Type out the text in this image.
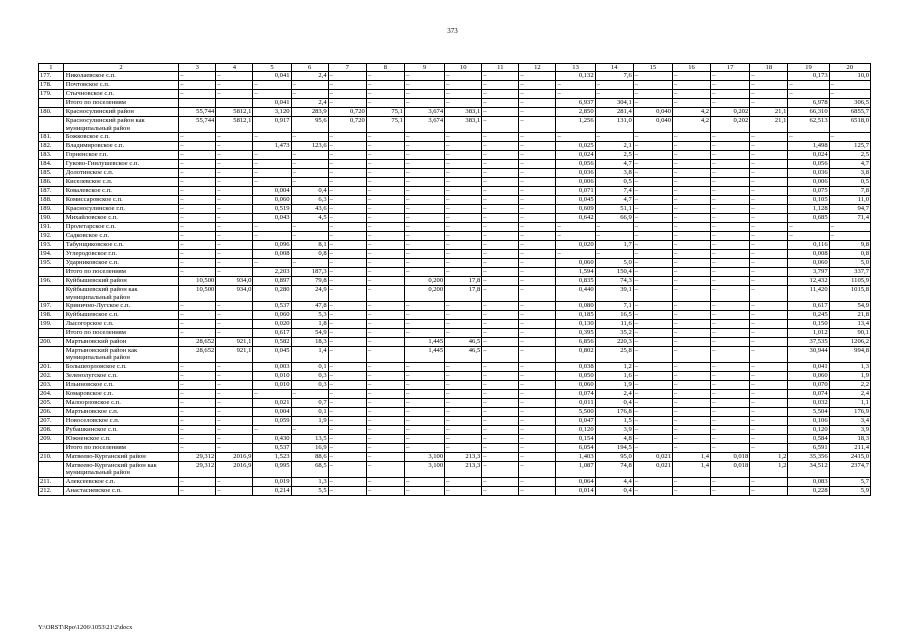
373
1	2	3	4	5	6	7	8	9	10	11	12	13	14	15	16	17	18	19	20
177.	Николаевское с.п.	–	–	0,041	2,4	–	–	–	–	–	–	0,132	7,6	–	–	–	–	0,173	10,0
178.	Почтовское с.п.	–	–	–	–	–	–	–	–	–	–	–	–	–	–	–	–	–	–
179.	Стычновское с.п.	–	–	–	–	–	–	–	–	–	–	–	–	–	–	–	–	–	–
	Итого по поселениям			0,041	2,4	–	–	–	–	–	–	6,937	304,1	–	–	–	–	6,978	306,5
180.	Красносулинский район	55,744	5812,1	3,120	283,9	0,720	75,1	3,674	383,1	–	–	2,850	281,4	0,040	4,2	0,202	21,1	66,310	6855,7
	Красносулинский район как муниципальный район	55,744	5812,1	0,917	95,6	0,720	75,1	3,674	383,1	–	–	1,256	131,0	0,040	4,2	0,202	21,1	62,513	6518,0
181.	Божковское с.п.	–	–	–	–	–	–	–	–	–	–	–	–	–	–	–	–	–	–
182.	Владимировское с.п.	–	–	1,473	123,6	–	–	–	–	–	–	0,025	2,1	–	–	–	–	1,498	125,7
183.	Горненское г.п.	–	–	–	–	–	–	–	–	–	–	0,024	2,5	–	–	–	–	0,024	2,5
184.	Гуково-Гнилушевское с.п.	–	–	–	–	–	–	–	–	–	–	0,056	4,7	–	–	–	–	0,056	4,7
185.	Долотинское с.п.	–	–	–	–	–	–	–	–	–	–	0,036	3,8	–	–	–	–	0,036	3,8
186.	Киселевское с.п.	–	–	–	–	–	–	–	–	–	–	0,006	0,5	–	–	–	–	0,006	0,5
187.	Ковалевское с.п.	–	–	0,004	0,4	–	–	–	–	–	–	0,071	7,4	–	–	–	–	0,075	7,8
188.	Комиссаровское с.п.	–	–	0,060	6,3	–	–	–	–	–	–	0,045	4,7	–	–	–	–	0,105	11,0
189.	Красносулинское г.п.	–	–	0,519	43,6	–	–	–	–	–	–	0,609	51,1	–	–	–	–	1,128	94,7
190.	Михайловское с.п.	–	–	0,043	4,5	–	–	–	–	–	–	0,642	66,9	–	–	–	–	0,685	71,4
191.	Пролетарское с.п.	–	–	–	–	–	–	–	–	–	–	–	–	–	–	–	–	–	–
192.	Садковское с.п.	–	–	–	–	–	–	–	–	–	–	–	–	–	–	–	–	–	–
193.	Табунщиковское с.п.	–	–	0,096	8,1	–	–	–	–	–	–	0,020	1,7	–	–	–	–	0,116	9,8
194.	Углеродовское г.п.	–	–	0,008	0,8	–	–	–	–	–	–	–	–	–	–	–	–	0,008	0,8
195.	Ударниковское с.п.	–	–	–	–	–	–	–	–	–	–	0,060	5,0	–	–	–	–	0,060	5,0
	Итого по поселениям	–	–	2,203	187,3	–	–	–	–	–	–	1,594	150,4	–	–	–	–	3,797	337,7
196.	Куйбышевский район	10,500	934,0	0,897	79,8	–	–	0,200	17,8	–	–	0,835	74,3	–	–	–	–	12,432	1105,9
	Куйбышевский район как муниципальный район	10,500	934,0	0,280	24,9	–	–	0,200	17,8	–	–	0,440	39,1	–	–	–	–	11,420	1015,8
197.	Кринично-Лугское с.п.	–	–	0,537	47,8	–	–	–	–	–	–	0,080	7,1	–	–	–	–	0,617	54,9
198.	Куйбышевское с.п.	–	–	0,060	5,3	–	–	–	–	–	–	0,185	16,5	–	–	–	–	0,245	21,8
199.	Лысогорское с.п.	–	–	0,020	1,8	–	–	–	–	–	–	0,130	11,6	–	–	–	–	0,150	13,4
	Итого по поселениям	–	–	0,617	54,9	–	–	–	–	–	–	0,395	35,2	–	–	–	–	1,012	90,1
200.	Мартыновский район	28,652	921,1	0,582	18,3	–	–	1,445	46,5	–	–	6,856	220,3	–	–	–	–	37,535	1206,2
	Мартыновский район как муниципальный район	28,652	921,1	0,045	1,4	–	–	1,445	46,5	–	–	0,802	25,8	–	–	–	–	30,944	994,8
201.	Большеорловское с.п.	–	–	0,003	0,1	–	–	–	–	–	–	0,038	1,2	–	–	–	–	0,041	1,3
202.	Зеленолугское с.п.	–	–	0,010	0,3	–	–	–	–	–	–	0,050	1,6	–	–	–	–	0,060	1,9
203.	Ильиновское с.п.	–	–	0,010	0,3	–	–	–	–	–	–	0,060	1,9	–	–	–	–	0,070	2,2
204.	Комаровское с.п.	–	–	–	–	–	–	–	–	–	–	0,074	2,4	–	–	–	–	0,074	2,4
205.	Малоорловское с.п.	–	–	0,021	0,7	–	–	–	–	–	–	0,011	0,4	–	–	–	–	0,032	1,1
206.	Мартыновское с.п.	–	–	0,004	0,1	–	–	–	–	–	–	5,500	176,8	–	–	–	–	5,504	176,9
207.	Новоселовское с.п.	–	–	0,059	1,9	–	–	–	–	–	–	0,047	1,5	–	–	–	–	0,106	3,4
208.	Рубашкинское с.п.	–	–	–	–	–	–	–	–	–	–	0,120	3,9	–	–	–	–	0,120	3,9
209.	Южненское с.п.	–	–	0,430	13,5	–	–	–	–	–	–	0,154	4,8	–	–	–	–	0,584	18,3
	Итого по поселениям	–	–	0,537	16,9	–	–	–	–	–	–	6,054	194,5	–	–	–	–	6,591	211,4
210.	Матвеево-Курганский район	29,312	2016,9	1,523	88,6	–	–	3,100	213,3	–	–	1,403	95,0	0,021	1,4	0,018	1,2	35,356	2415,0
	Матвеево-Курганский район как муниципальный район	29,312	2016,9	0,995	68,5	–	–	3,100	213,3	–	–	1,087	74,8	0,021	1,4	0,018	1,2	34,512	2374,7
211.	Алексеевское с.п.	–	–	0,019	1,3	–	–	–	–	–	–	0,064	4,4	–	–	–	–	0,083	5,7
212.	Анастасиевское с.п.	–	–	0,214	5,5	–	–	–	–	–	–	0,014	0,4	–	–	–	–	0,228	5,9
Y:\ORST\Rpo\1206\1053\21\2\docx
